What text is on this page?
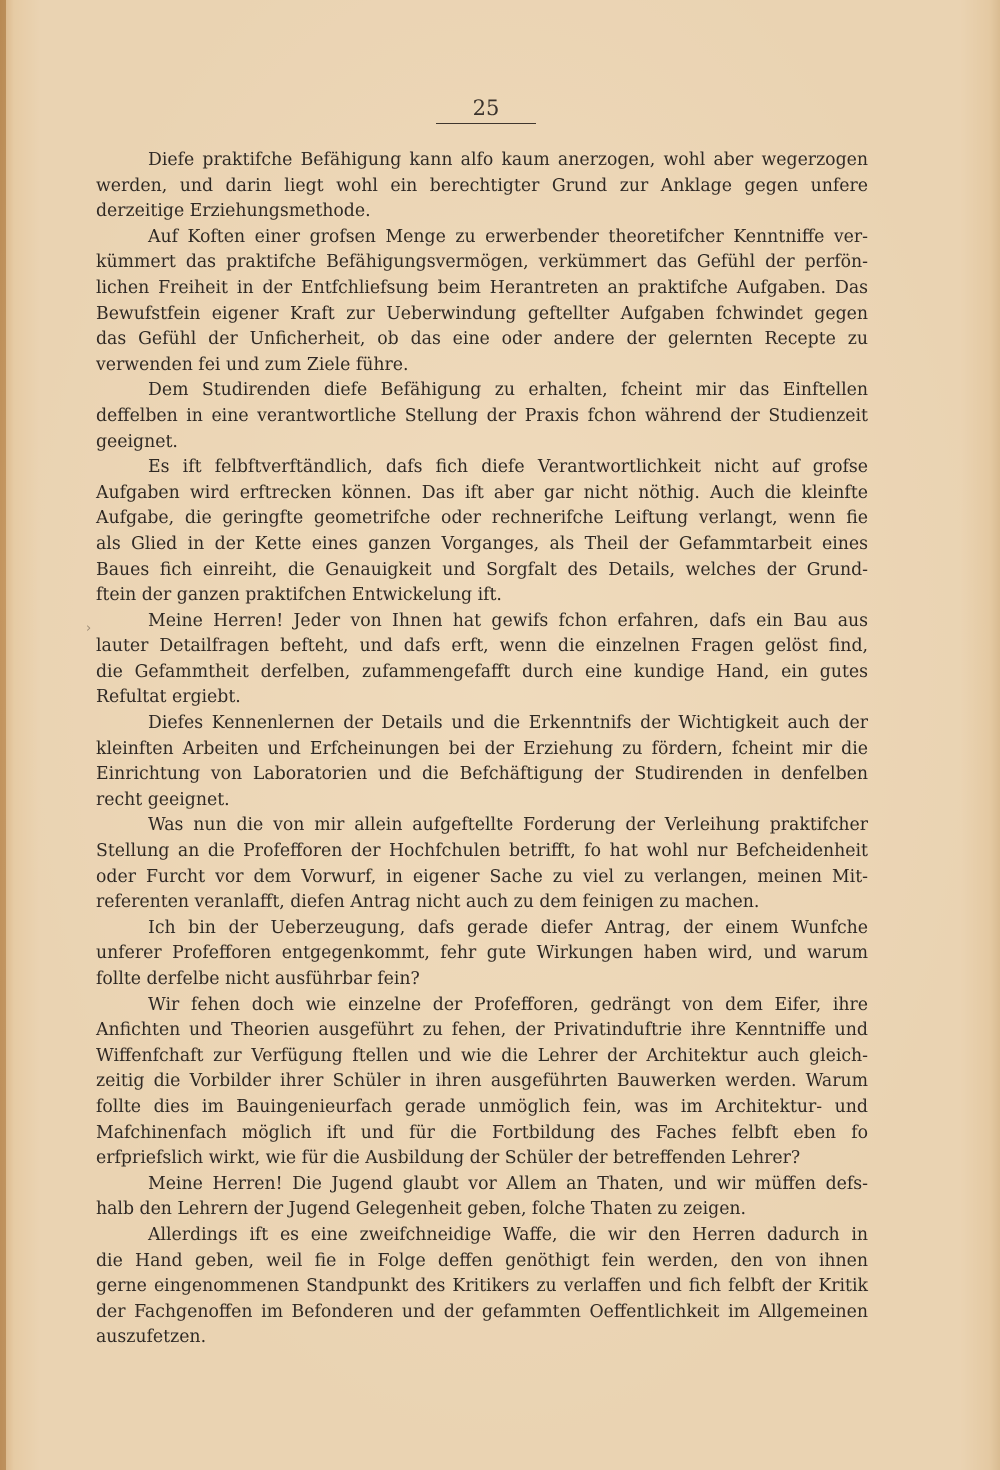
25
›
Diefe praktifche Befähigung kann alfo kaum anerzogen, wohl aber wegerzogen
werden, und darin liegt wohl ein berechtigter Grund zur Anklage gegen unfere
derzeitige Erziehungsmethode.
Auf Koften einer grofsen Menge zu erwerbender theoretifcher Kenntniffe ver-
kümmert das praktifche Befähigungsvermögen, verkümmert das Gefühl der perfön-
lichen Freiheit in der Entfchliefsung beim Herantreten an praktifche Aufgaben. Das
Bewufstfein eigener Kraft zur Ueberwindung geftellter Aufgaben fchwindet gegen
das Gefühl der Unficherheit, ob das eine oder andere der gelernten Recepte zu
verwenden fei und zum Ziele führe.
Dem Studirenden diefe Befähigung zu erhalten, fcheint mir das Einftellen
deffelben in eine verantwortliche Stellung der Praxis fchon während der Studienzeit
geeignet.
Es ift felbftverftändlich, dafs fich diefe Verantwortlichkeit nicht auf grofse
Aufgaben wird erftrecken können. Das ift aber gar nicht nöthig. Auch die kleinfte
Aufgabe, die geringfte geometrifche oder rechnerifche Leiftung verlangt, wenn fie
als Glied in der Kette eines ganzen Vorganges, als Theil der Gefammtarbeit eines
Baues fich einreiht, die Genauigkeit und Sorgfalt des Details, welches der Grund-
ftein der ganzen praktifchen Entwickelung ift.
Meine Herren! Jeder von Ihnen hat gewifs fchon erfahren, dafs ein Bau aus
lauter Detailfragen befteht, und dafs erft, wenn die einzelnen Fragen gelöst find,
die Gefammtheit derfelben, zufammengefafft durch eine kundige Hand, ein gutes
Refultat ergiebt.
Diefes Kennenlernen der Details und die Erkenntnifs der Wichtigkeit auch der
kleinften Arbeiten und Erfcheinungen bei der Erziehung zu fördern, fcheint mir die
Einrichtung von Laboratorien und die Befchäftigung der Studirenden in denfelben
recht geeignet.
Was nun die von mir allein aufgeftellte Forderung der Verleihung praktifcher
Stellung an die Profefforen der Hochfchulen betrifft, fo hat wohl nur Befcheidenheit
oder Furcht vor dem Vorwurf, in eigener Sache zu viel zu verlangen, meinen Mit-
referenten veranlafft, diefen Antrag nicht auch zu dem feinigen zu machen.
Ich bin der Ueberzeugung, dafs gerade diefer Antrag, der einem Wunfche
unferer Profefforen entgegenkommt, fehr gute Wirkungen haben wird, und warum
follte derfelbe nicht ausführbar fein?
Wir fehen doch wie einzelne der Profefforen, gedrängt von dem Eifer, ihre
Anfichten und Theorien ausgeführt zu fehen, der Privatinduftrie ihre Kenntniffe und
Wiffenfchaft zur Verfügung ftellen und wie die Lehrer der Architektur auch gleich-
zeitig die Vorbilder ihrer Schüler in ihren ausgeführten Bauwerken werden. Warum
follte dies im Bauingenieurfach gerade unmöglich fein, was im Architektur- und
Mafchinenfach möglich ift und für die Fortbildung des Faches felbft eben fo
erfpriefslich wirkt, wie für die Ausbildung der Schüler der betreffenden Lehrer?
Meine Herren! Die Jugend glaubt vor Allem an Thaten, und wir müffen defs-
halb den Lehrern der Jugend Gelegenheit geben, folche Thaten zu zeigen.
Allerdings ift es eine zweifchneidige Waffe, die wir den Herren dadurch in
die Hand geben, weil fie in Folge deffen genöthigt fein werden, den von ihnen
gerne eingenommenen Standpunkt des Kritikers zu verlaffen und fich felbft der Kritik
der Fachgenoffen im Befonderen und der gefammten Oeffentlichkeit im Allgemeinen
auszufetzen.
